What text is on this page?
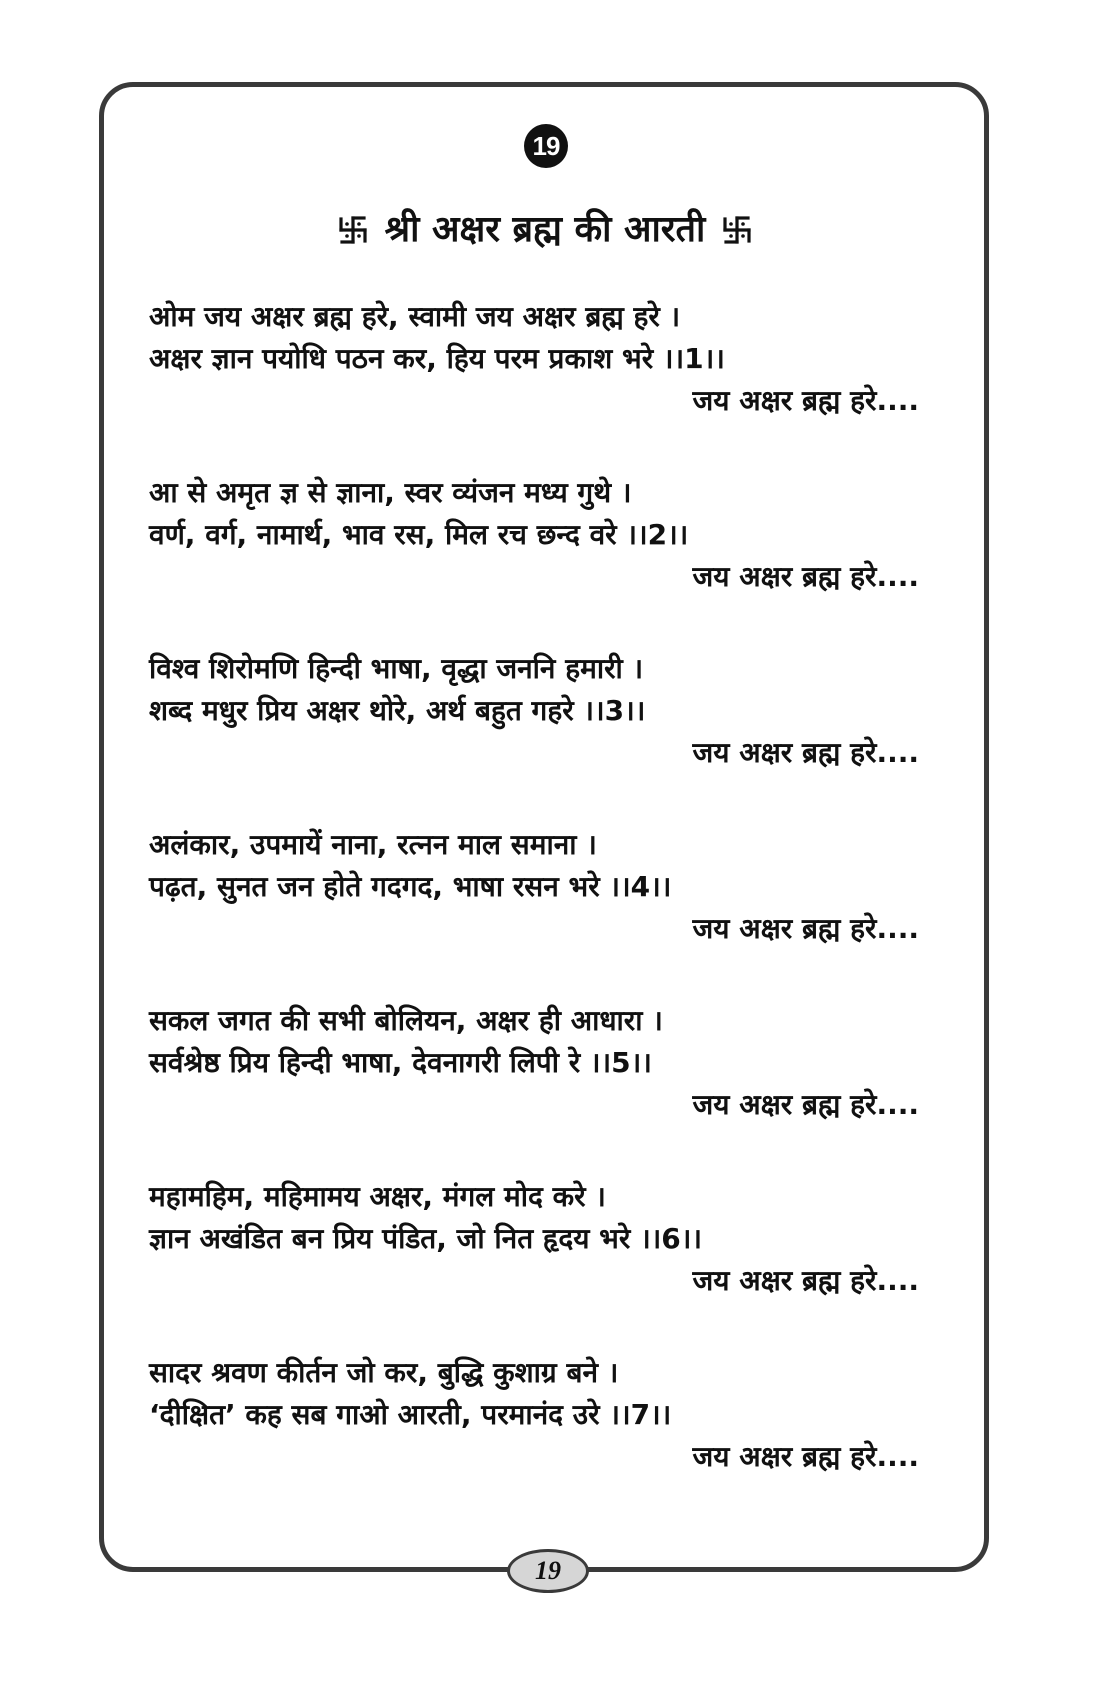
19
श्री अक्षर ब्रह्म की आरती
ओम जय अक्षर ब्रह्म हरे, स्वामी जय अक्षर ब्रह्म हरे ।
अक्षर ज्ञान पयोधि पठन कर, हिय परम प्रकाश भरे ।।1।।
जय अक्षर ब्रह्म हरे....
आ से अमृत ज्ञ से ज्ञाना, स्वर व्यंजन मध्य गुथे ।
वर्ण, वर्ग, नामार्थ, भाव रस, मिल रच छन्द वरे ।।2।।
जय अक्षर ब्रह्म हरे....
विश्व शिरोमणि हिन्दी भाषा, वृद्धा जननि हमारी ।
शब्द मधुर प्रिय अक्षर थोरे, अर्थ बहुत गहरे ।।3।।
जय अक्षर ब्रह्म हरे....
अलंकार, उपमायें नाना, रत्नन माल समाना ।
पढ़त, सुनत जन होते गदगद, भाषा रसन भरे ।।4।।
जय अक्षर ब्रह्म हरे....
सकल जगत की सभी बोलियन, अक्षर ही आधारा ।
सर्वश्रेष्ठ प्रिय हिन्दी भाषा, देवनागरी लिपी रे ।।5।।
जय अक्षर ब्रह्म हरे....
महामहिम, महिमामय अक्षर, मंगल मोद करे ।
ज्ञान अखंडित बन प्रिय पंडित, जो नित हृदय भरे ।।6।।
जय अक्षर ब्रह्म हरे....
सादर श्रवण कीर्तन जो कर, बुद्धि कुशाग्र बने ।
‘दीक्षित’ कह सब गाओ आरती, परमानंद उरे ।।7।।
जय अक्षर ब्रह्म हरे....
19
